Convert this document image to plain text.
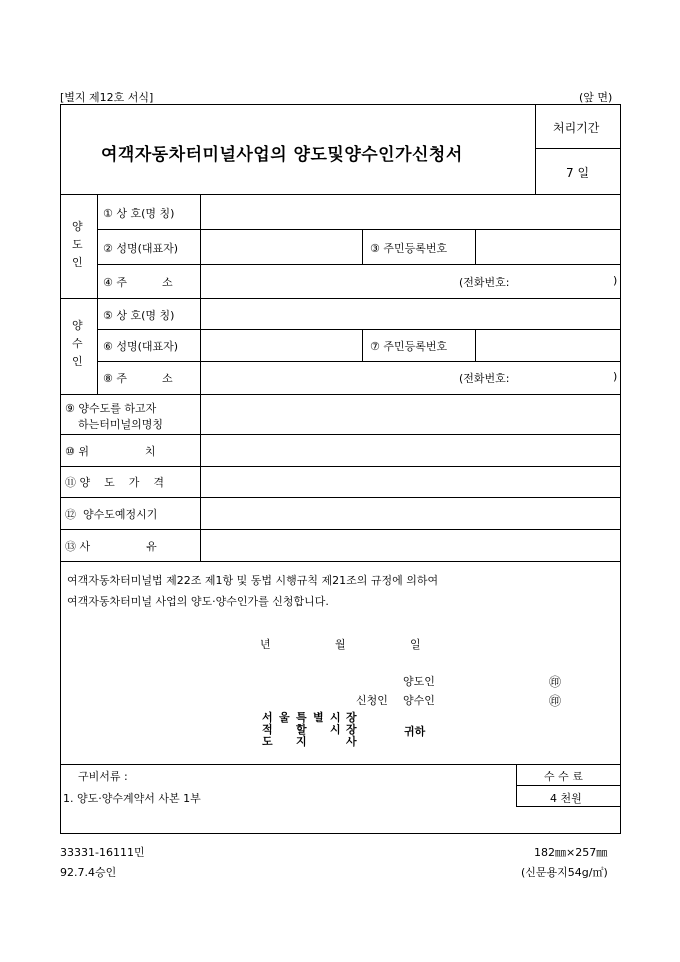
[별지 제12호 서식]	(앞 면)
여객자동차터미널사업의 양도및양수인가신청서
처리기간
7 일
양
도
인
① 상 호(명 칭)
② 성명(대표자)	③ 주민등록번호
④ 주          소	(전화번호:	)
양
수
인
⑤ 상 호(명 칭)
⑥ 성명(대표자)	⑦ 주민등록번호
⑧ 주          소	(전화번호:	)
⑨ 양수도를 하고자
하는터미널의명칭
⑩ 위                치
⑪ 양    도    가    격
⑫  양수도예정시기
⑬ 사                유
여객자동차터미널법 제22조 제1항 및 동법 시행규칙 제21조의 규정에 의하여
여객자동차터미널 사업의 양도·양수인가를 신청합니다.
년	월	일
양도인	㊞
신청인 양수인	㊞
서 울 특 별 시 장
적 할 시 장
도 지	사
귀하
구비서류 :
1. 양도·양수계약서 사본 1부
수 수 료
4 천원
33331-16111민
92.7.4승인
182㎜×257㎜
(신문용지54g/㎡)
